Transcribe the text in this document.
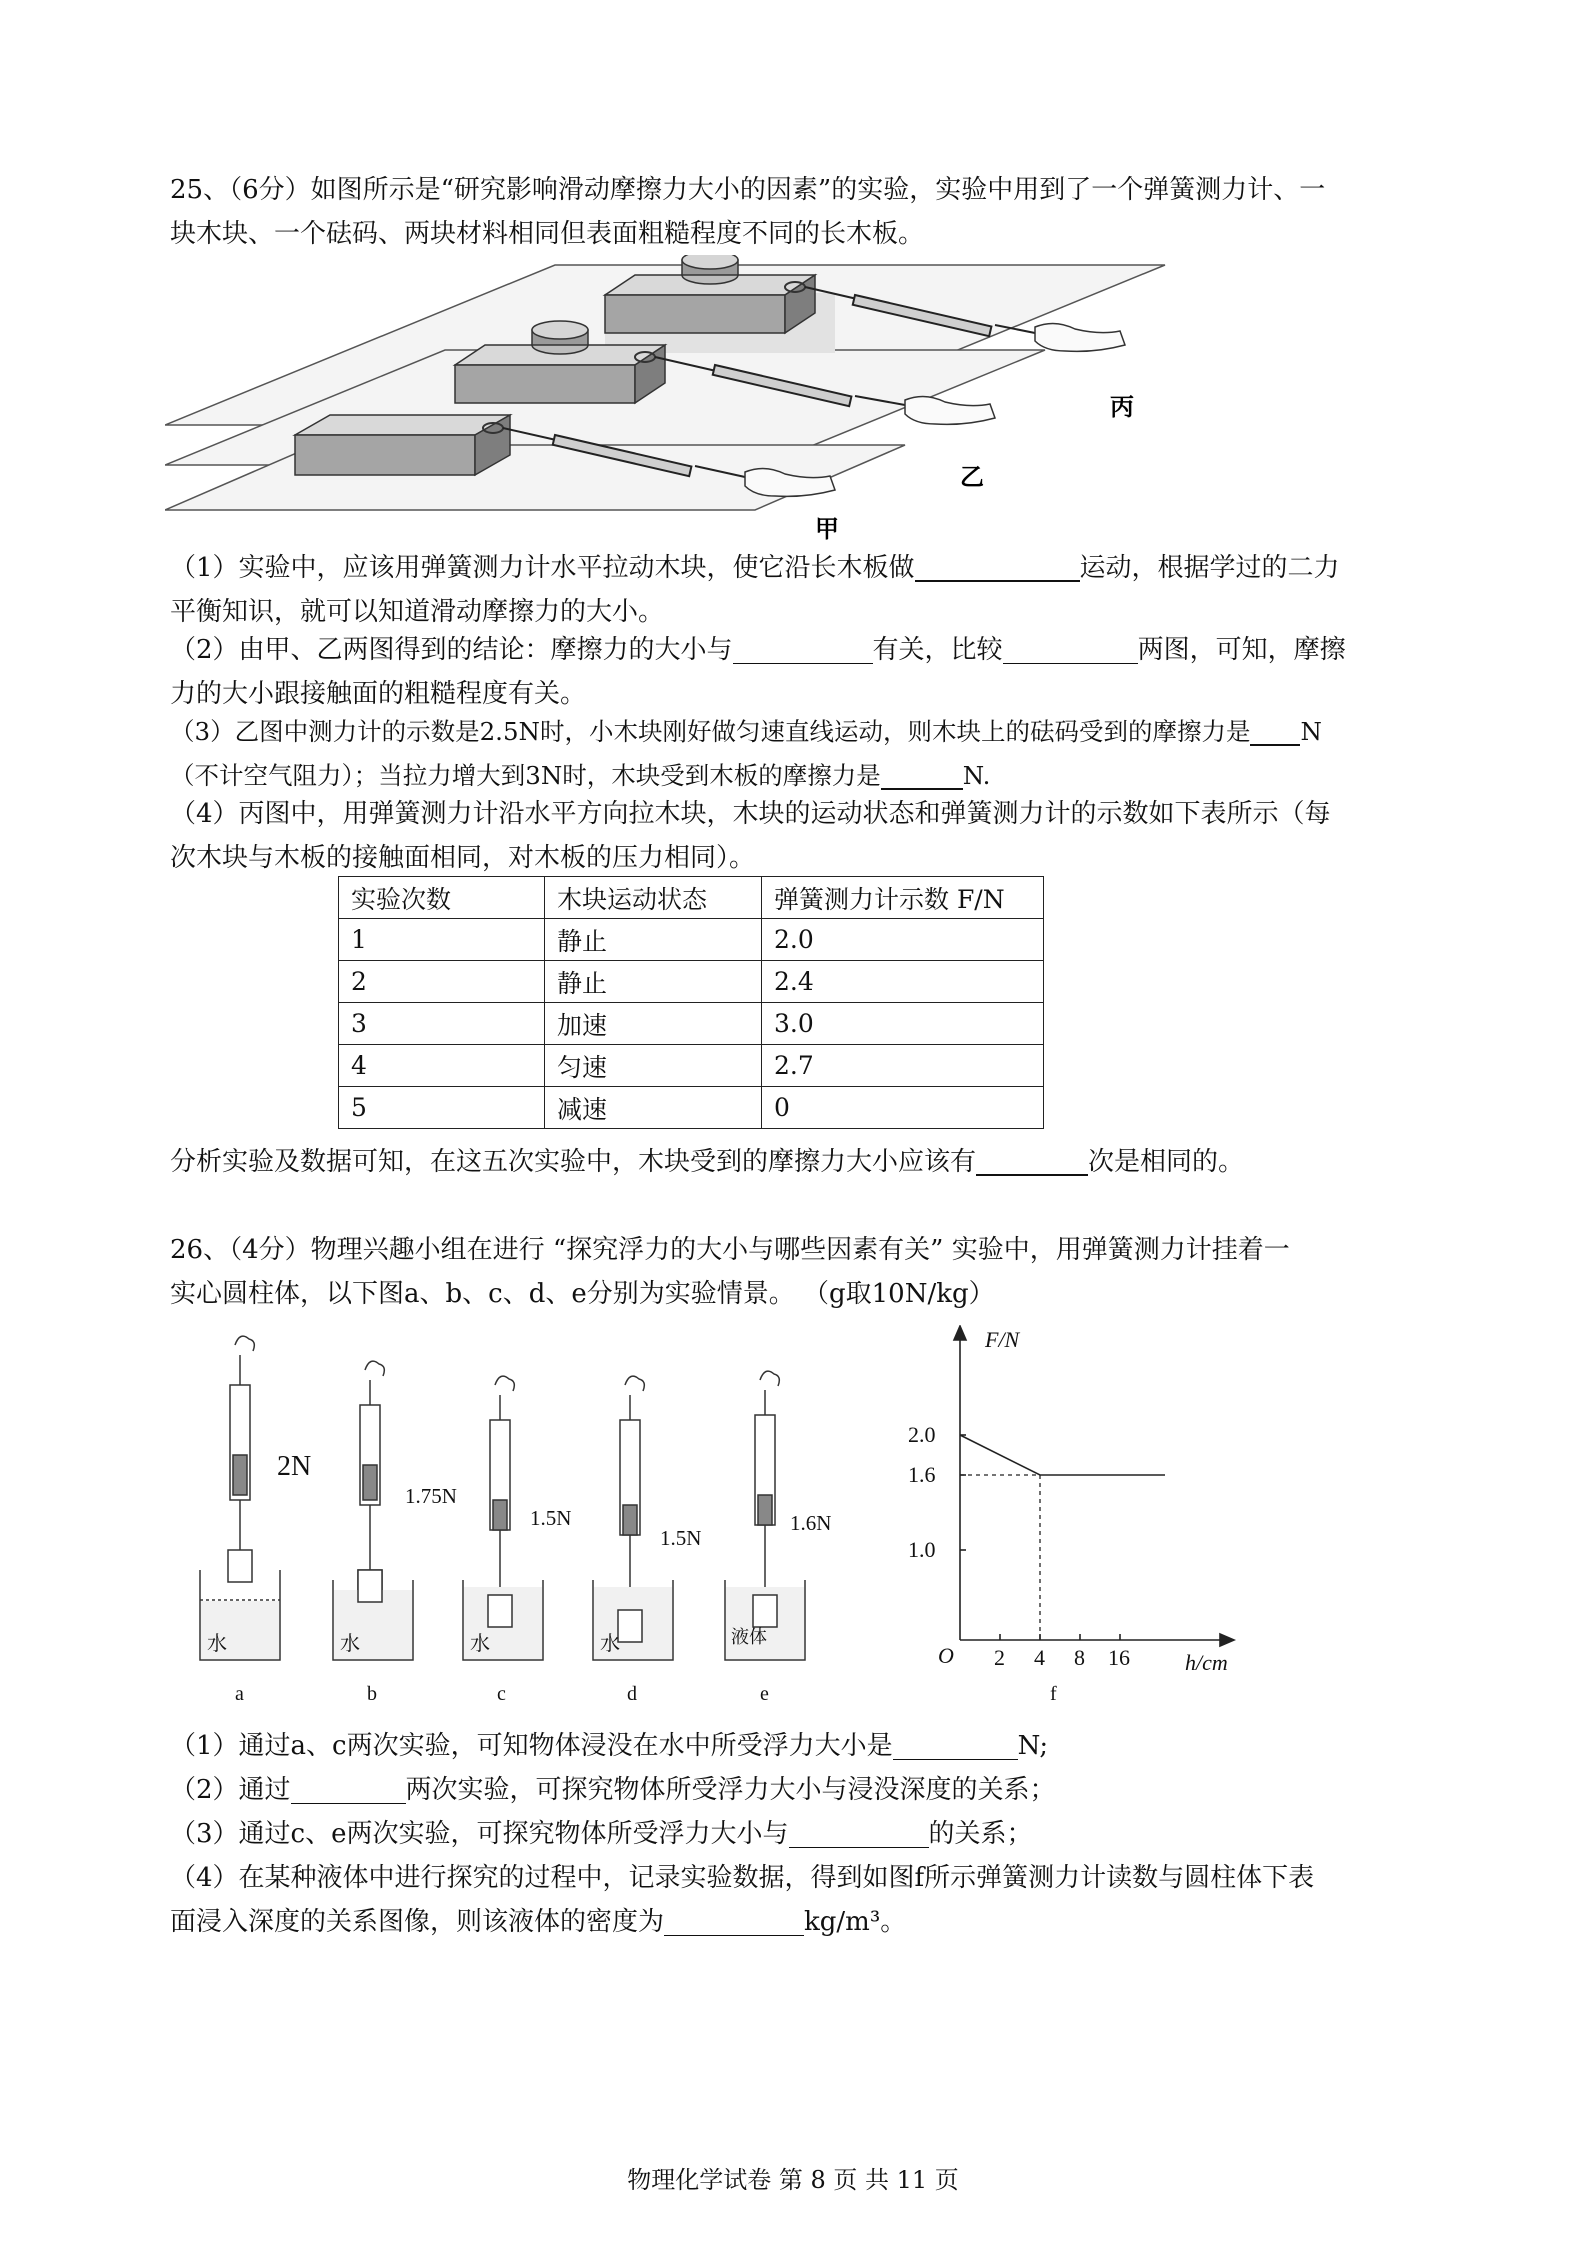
25、（6分）如图所示是“研究影响滑动摩擦力大小的因素”的实验，实验中用到了一个弹簧测力计、一
块木块、一个砝码、两块材料相同但表面粗糙程度不同的长木板。
丙
乙
甲
（1）实验中，应该用弹簧测力计水平拉动木块，使它沿长木板做	运动，根据学过的二力
平衡知识，就可以知道滑动摩擦力的大小。
（2）由甲、乙两图得到的结论：摩擦力的大小与	有关，比较	两图，可知，摩擦
力的大小跟接触面的粗糙程度有关。
（3）乙图中测力计的示数是2.5N时，小木块刚好做匀速直线运动，则木块上的砝码受到的摩擦力是 N
（不计空气阻力）；当拉力增大到3N时，木块受到木板的摩擦力是	N.
（4）丙图中，用弹簧测力计沿水平方向拉木块，木块的运动状态和弹簧测力计的示数如下表所示（每
次木块与木板的接触面相同，对木板的压力相同）。
实验次数	木块运动状态	弹簧测力计示数 F/N
1	静止	2.0
2	静止	2.4
3	加速	3.0
4	匀速	2.7
5	减速	0
分析实验及数据可知，在这五次实验中，木块受到的摩擦力大小应该有	次是相同的。
26、（4分）物理兴趣小组在进行 “探究浮力的大小与哪些因素有关” 实验中，用弹簧测力计挂着一
实心圆柱体，以下图a、b、c、d、e分别为实验情景。 （g取10N/kg）
2N
1.75N
1.5N
1.5N
1.6N
水	水	水	水	液体
a	b	c	d	e
F/N
h/cm
O
2.0
1.6
1.0
2 4 8 16
f
（1）通过a、c两次实验，可知物体浸没在水中所受浮力大小是	N;
（2）通过	两次实验，可探究物体所受浮力大小与浸没深度的关系；
（3）通过c、e两次实验，可探究物体所受浮力大小与	的关系；
（4）在某种液体中进行探究的过程中，记录实验数据，得到如图f所示弹簧测力计读数与圆柱体下表
面浸入深度的关系图像，则该液体的密度为	kg/m³。
物理化学试卷 第 8 页 共 11 页
